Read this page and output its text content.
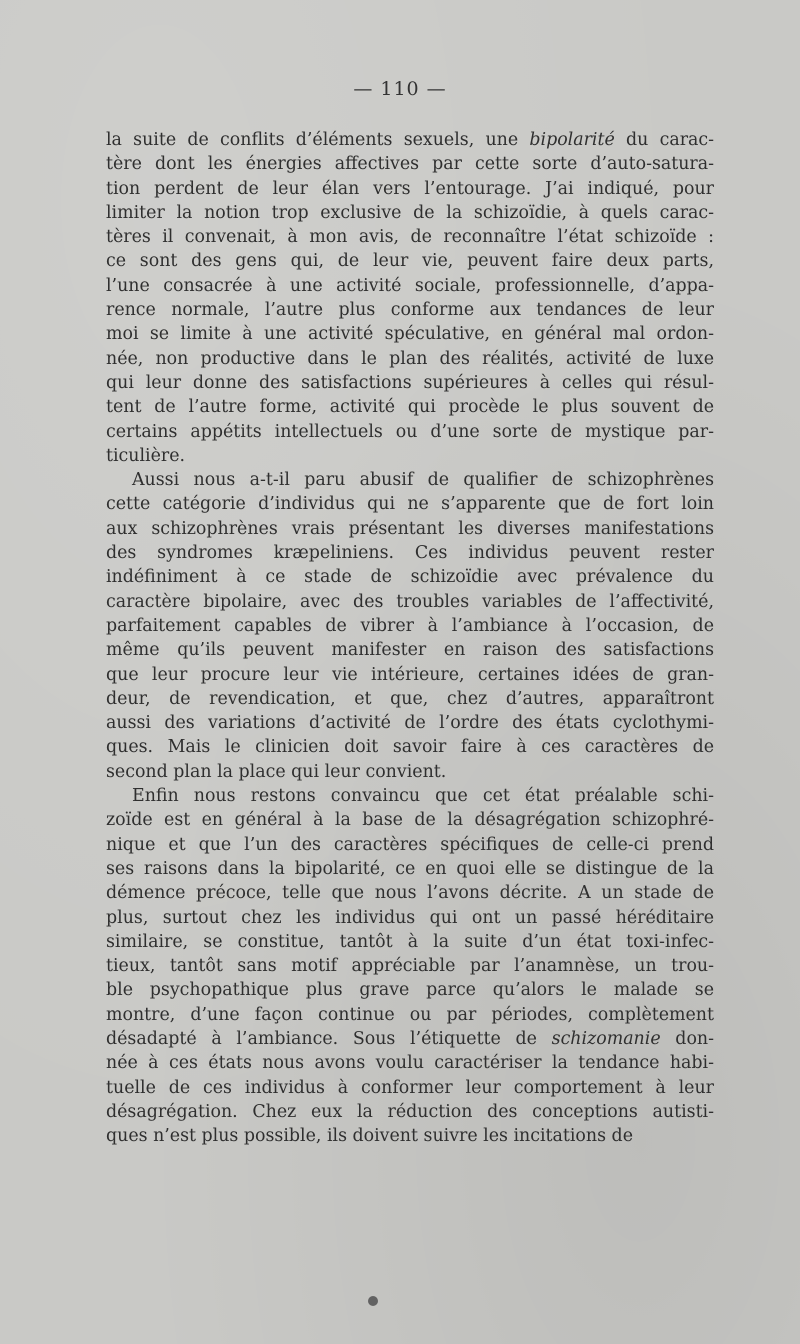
— 110 —
la suite de conflits d’éléments sexuels, une bipolarité du carac-
tère dont les énergies affectives par cette sorte d’auto-satura-
tion perdent de leur élan vers l’entourage. J’ai indiqué, pour
limiter la notion trop exclusive de la schizoïdie, à quels carac-
tères il convenait, à mon avis, de reconnaître l’état schizoïde :
ce sont des gens qui, de leur vie, peuvent faire deux parts,
l’une consacrée à une activité sociale, professionnelle, d’appa-
rence normale, l’autre plus conforme aux tendances de leur
moi se limite à une activité spéculative, en général mal ordon-
née, non productive dans le plan des réalités, activité de luxe
qui leur donne des satisfactions supérieures à celles qui résul-
tent de l’autre forme, activité qui procède le plus souvent de
certains appétits intellectuels ou d’une sorte de mystique par-
ticulière.
Aussi nous a-t-il paru abusif de qualifier de schizophrènes
cette catégorie d’individus qui ne s’apparente que de fort loin
aux schizophrènes vrais présentant les diverses manifestations
des syndromes kræpeliniens. Ces individus peuvent rester
indéfiniment à ce stade de schizoïdie avec prévalence du
caractère bipolaire, avec des troubles variables de l’affectivité,
parfaitement capables de vibrer à l’ambiance à l’occasion, de
même qu’ils peuvent manifester en raison des satisfactions
que leur procure leur vie intérieure, certaines idées de gran-
deur, de revendication, et que, chez d’autres, apparaîtront
aussi des variations d’activité de l’ordre des états cyclothymi-
ques. Mais le clinicien doit savoir faire à ces caractères de
second plan la place qui leur convient.
Enfin nous restons convaincu que cet état préalable schi-
zoïde est en général à la base de la désagrégation schizophré-
nique et que l’un des caractères spécifiques de celle-ci prend
ses raisons dans la bipolarité, ce en quoi elle se distingue de la
démence précoce, telle que nous l’avons décrite. A un stade de
plus, surtout chez les individus qui ont un passé héréditaire
similaire, se constitue, tantôt à la suite d’un état toxi-infec-
tieux, tantôt sans motif appréciable par l’anamnèse, un trou-
ble psychopathique plus grave parce qu’alors le malade se
montre, d’une façon continue ou par périodes, complètement
désadapté à l’ambiance. Sous l’étiquette de schizomanie don-
née à ces états nous avons voulu caractériser la tendance habi-
tuelle de ces individus à conformer leur comportement à leur
désagrégation. Chez eux la réduction des conceptions autisti-
ques n’est plus possible, ils doivent suivre les incitations de
